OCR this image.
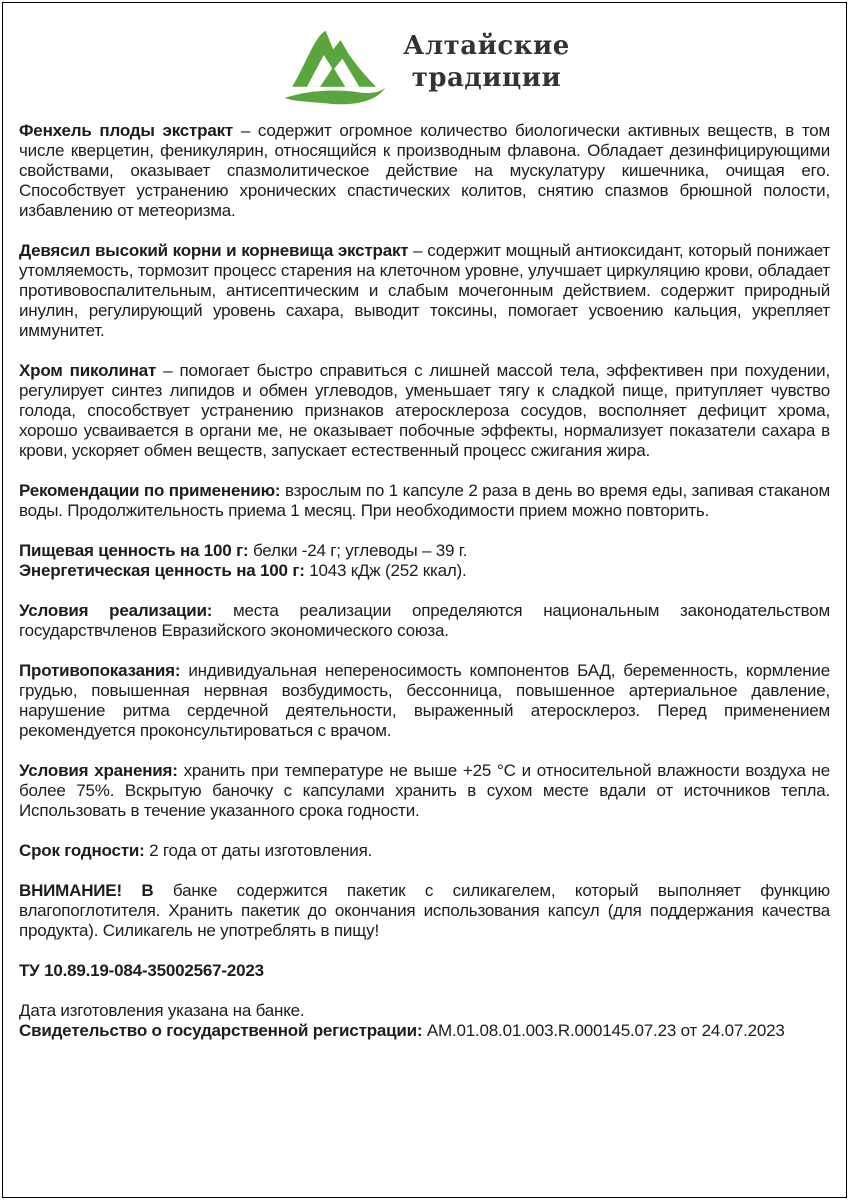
Алтайские
традиции

Фенхель плоды экстракт – содержит огромное количество биологически активных веществ, в том числе кверцетин, феникулярин, относящийся к производным флавона. Обладает дезинфицирующими свойствами, оказывает спазмолитическое действие на мускулатуру кишечника, очищая его. Способствует устранению хронических спастических колитов, снятию спазмов брюшной полости, избавлению от метеоризма.

Девясил высокий корни и корневища экстракт – содержит мощный антиоксидант, который понижает утомляемость, тормозит процесс старения на клеточном уровне, улучшает циркуляцию крови, обладает противовоспалительным, антисептическим и слабым мочегонным действием. содержит природный инулин, регулирующий уровень сахара, выводит токсины, помогает усвоению кальция, укрепляет иммунитет.

Хром пиколинат – помогает быстро справиться с лишней массой тела, эффективен при похудении, регулирует синтез липидов и обмен углеводов, уменьшает тягу к сладкой пище, притупляет чувство голода, способствует устранению признаков атеросклероза сосудов, восполняет дефицит хрома, хорошо усваивается в органи ме, не оказывает побочные эффекты, нормализует показатели сахара в крови, ускоряет обмен веществ, запускает естественный процесс сжигания жира.

Рекомендации по применению: взрослым по 1 капсуле 2 раза в день во время еды, запивая стаканом воды. Продолжительность приема 1 месяц. При необходимости прием можно повторить.

Пищевая ценность на 100 г: белки -24 г; углеводы – 39 г.
Энергетическая ценность на 100 г: 1043 кДж (252 ккал).

Условия реализации: места реализации определяются национальным законодательством государствчленов Евразийского экономического союза.

Противопоказания: индивидуальная непереносимость компонентов БАД, беременность, кормление грудью, повышенная нервная возбудимость, бессонница, повышенное артериальное давление, нарушение ритма сердечной деятельности, выраженный атеросклероз. Перед применением рекомендуется проконсультироваться с врачом.

Условия хранения: хранить при температуре не выше +25 °C и относительной влажности воздуха не более 75%. Вскрытую баночку с капсулами хранить в сухом месте вдали от источников тепла. Использовать в течение указанного срока годности.

Срок годности: 2 года от даты изготовления.

ВНИМАНИЕ! В банке содержится пакетик с силикагелем, который выполняет функцию влагопоглотителя. Хранить пакетик до окончания использования капсул (для поддержания качества продукта). Силикагель не употреблять в пищу!

ТУ 10.89.19-084-35002567-2023

Дата изготовления указана на банке.
Свидетельство о государственной регистрации: AM.01.08.01.003.R.000145.07.23 от 24.07.2023
